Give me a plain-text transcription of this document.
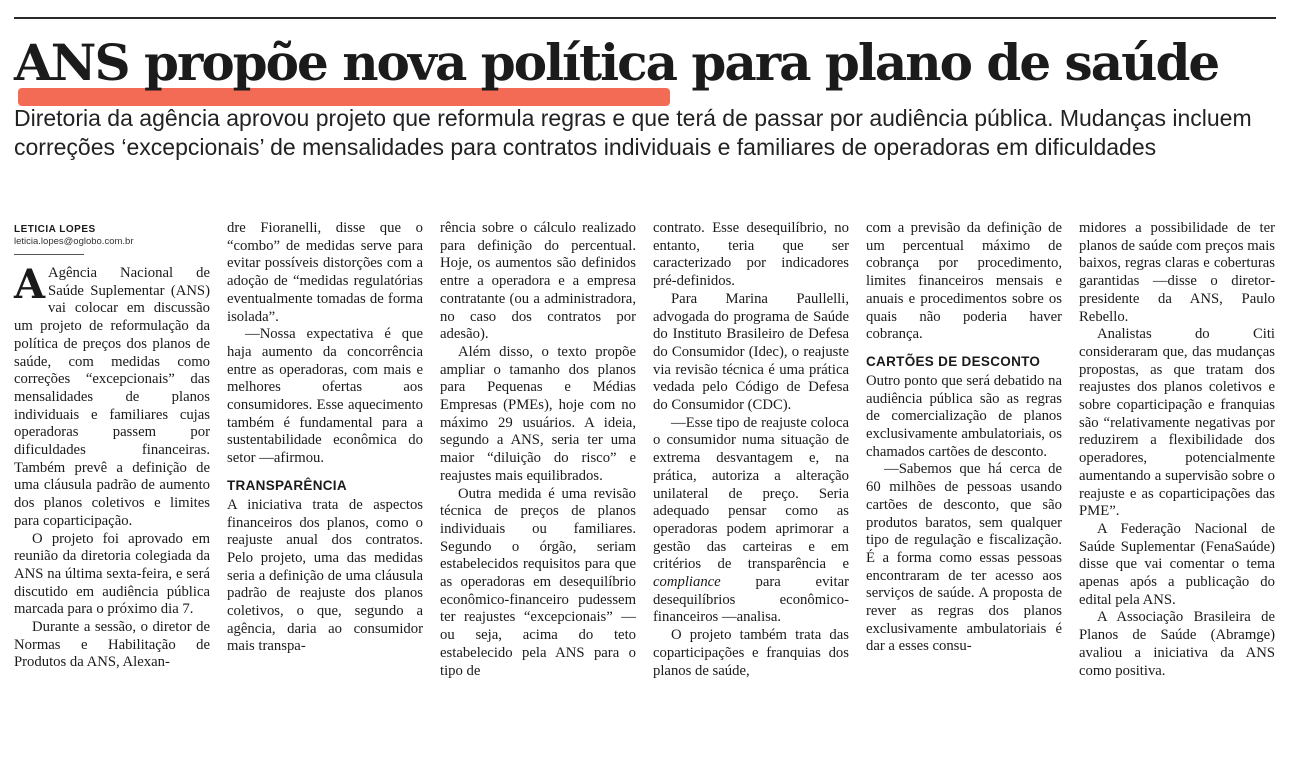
ANS propõe nova política para plano de saúde

Diretoria da agência aprovou projeto que reformula regras e que terá de passar por audiência pública. Mudanças incluem correções ‘excepcionais’ de mensalidades para contratos individuais e familiares de operadoras em dificuldades

LETICIA LOPES
leticia.lopes@oglobo.com.br

A Agência Nacional de Saúde Suplementar (ANS) vai colocar em discussão um projeto de reformulação da política de preços dos planos de saúde, com medidas como correções “excepcionais” das mensalidades de planos individuais e familiares cujas operadoras passem por dificuldades financeiras. Também prevê a definição de uma cláusula padrão de aumento dos planos coletivos e limites para coparticipação.

O projeto foi aprovado em reunião da diretoria colegiada da ANS na última sexta-feira, e será discutido em audiência pública marcada para o próximo dia 7.

Durante a sessão, o diretor de Normas e Habilitação de Produtos da ANS, Alexan-

dre Fioranelli, disse que o “combo” de medidas serve para evitar possíveis distorções com a adoção de “medidas regulatórias eventualmente tomadas de forma isolada”.

—Nossa expectativa é que haja aumento da concorrência entre as operadoras, com mais e melhores ofertas aos consumidores. Esse aquecimento também é fundamental para a sustentabilidade econômica do setor —afirmou.

TRANSPARÊNCIA

A iniciativa trata de aspectos financeiros dos planos, como o reajuste anual dos contratos. Pelo projeto, uma das medidas seria a definição de uma cláusula padrão de reajuste dos planos coletivos, o que, segundo a agência, daria ao consumidor mais transpa-

rência sobre o cálculo realizado para definição do percentual. Hoje, os aumentos são definidos entre a operadora e a empresa contratante (ou a administradora, no caso dos contratos por adesão).

Além disso, o texto propõe ampliar o tamanho dos planos para Pequenas e Médias Empresas (PMEs), hoje com no máximo 29 usuários. A ideia, segundo a ANS, seria ter uma maior “diluição do risco” e reajustes mais equilibrados.

Outra medida é uma revisão técnica de preços de planos individuais ou familiares. Segundo o órgão, seriam estabelecidos requisitos para que as operadoras em desequilíbrio econômico-financeiro pudessem ter reajustes “excepcionais” — ou seja, acima do teto estabelecido pela ANS para o tipo de

contrato. Esse desequilíbrio, no entanto, teria que ser caracterizado por indicadores pré-definidos.

Para Marina Paullelli, advogada do programa de Saúde do Instituto Brasileiro de Defesa do Consumidor (Idec), o reajuste via revisão técnica é uma prática vedada pelo Código de Defesa do Consumidor (CDC).

—Esse tipo de reajuste coloca o consumidor numa situação de extrema desvantagem e, na prática, autoriza a alteração unilateral de preço. Seria adequado pensar como as operadoras podem aprimorar a gestão das carteiras e em critérios de transparência e compliance para evitar desequilíbrios econômico-financeiros —analisa.

O projeto também trata das coparticipações e franquias dos planos de saúde,

com a previsão da definição de um percentual máximo de cobrança por procedimento, limites financeiros mensais e anuais e procedimentos sobre os quais não poderia haver cobrança.

CARTÕES DE DESCONTO

Outro ponto que será debatido na audiência pública são as regras de comercialização de planos exclusivamente ambulatoriais, os chamados cartões de desconto.

—Sabemos que há cerca de 60 milhões de pessoas usando cartões de desconto, que são produtos baratos, sem qualquer tipo de regulação e fiscalização. É a forma como essas pessoas encontraram de ter acesso aos serviços de saúde. A proposta de rever as regras dos planos exclusivamente ambulatoriais é dar a esses consu-

midores a possibilidade de ter planos de saúde com preços mais baixos, regras claras e coberturas garantidas —disse o diretor-presidente da ANS, Paulo Rebello.

Analistas do Citi consideraram que, das mudanças propostas, as que tratam dos reajustes dos planos coletivos e sobre coparticipação e franquias são “relativamente negativas por reduzirem a flexibilidade dos operadores, potencialmente aumentando a supervisão sobre o reajuste e as coparticipações das PME”.

A Federação Nacional de Saúde Suplementar (FenaSaúde) disse que vai comentar o tema apenas após a publicação do edital pela ANS.

A Associação Brasileira de Planos de Saúde (Abramge) avaliou a iniciativa da ANS como positiva.
